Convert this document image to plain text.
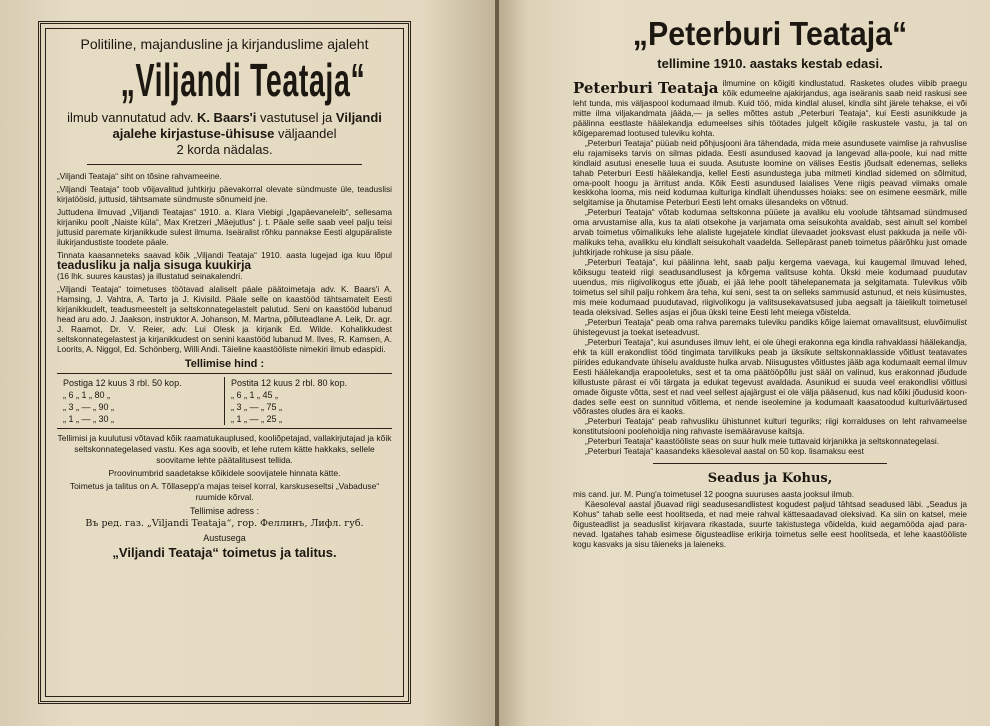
Politiline, majandusline ja kirjanduslime ajaleht
„Viljandi Teataja“
ilmub vannutatud adv. K. Baars'i vastutusel ja Viljandi ajalehe kirjastuse-ühisuse väljaandel
2 korda nädalas.

„Viljandi Teataja“ siht on tõsine rahvameeine.

„Viljandi Teataja“ toob võijavalitud juhtkirju päevakorral olevate sündmuste üle, teaduslisi kirjatöösid, juttusid, tähtsamate sündmuste sõnumeid jne.

Juttudena ilmuvad „Viljandi Teatajas“ 1910. a. Klara Viebigi „Igapäevaneleib“, sellesama kirjaniku poolt „Naiste küla“, Max Kretzeri „Mäejutlus“ j. t. Päale selle saab veel palju teisi juttusid paremate kirjanikkude sulest ilmuma. Iseäralist rõhku pannakse Eesti algupäraliste ilukirjandustiste toodete päale.

Tinnata kaasanneteks saavad kõik „Viljandi Teataja“ 1910. aasta lugejad iga kuu lõpul teadusliku ja nalja sisuga kuukirja
(16 lhk. suures kaustas) ja illustatud seinakalendri.

„Viljandi Teataja“ toimetuses töötavad alaliselt päale päätoimetaja adv. K. Baars'i A. Hamsing, J. Vahtra, A. Tarto ja J. Kivisild. Päale selle on kaastööd tähtsamatelt Eesti kirjanikkudelt, teadusmeestelt ja seltskonnategelastelt palutud. Seni on kaastööd lubanud head aru ado. J. Jaakson, instruktor A. Johanson, M. Martna, põlluteadlane A. Leik, Dr. agr. J. Raamot, Dr. V. Reier, adv. Lui Olesk ja kirjanik Ed. Wilde. Kohalikkudest seltskonnategelastest ja kirjanikkudest on senini kaastööd lubanud M. Ilves, R. Kamsen, A. Loorits, A. Niggol, Ed. Schönberg, Willi Andi. Täieline kaastööliste nimekiri ilmub edaspidi.

Tellimise hind :
Postiga 12 kuus 3 rbl. 50 kop.
„ 6 „ 1 „ 80 „
„ 3 „ — „ 90 „
„ 1 „ — „ 30 „
Postita 12 kuus 2 rbl. 80 kop.
„ 6 „ 1 „ 45 „
„ 3 „ — „ 75 „
„ 1 „ — „ 25 „

Tellimisi ja kuulutusi võtavad kõik raamatukauplused, kooliõpetajad, vallakirjutajad ja kõik seltskonnategelased vastu. Kes aga soovib, et lehe rutem kätte hakkaks, sellele soovitame lehte päätalitusest tellida.

Proovinumbrid saadetakse kõikidele soovijatele hinnata kätte.

Toimetus ja talitus on A. Tõllasepp'a majas teisel korral, karskuseseltsi „Vabaduse“ ruumide kõrval.

Tellimise adress :
Въ ред. газ. „Viljandi Teataja“, гор. Феллинъ, Лифл. губ.
Austusega
„Viljandi Teataja“ toimetus ja talitus.
„Peterburi Teataja“
tellimine 1910. aastaks kestab edasi.
Peterburi Teataja ilmumine on kõigiti kindlustatud. Rasketes oludes viibib praegu kõik edumeelne ajakirjandus, aga iseäranis saab neid raskusi see leht tunda, mis väljaspool kodumaad ilmub. Kuid töö, mida kindlal alusel, kindla siht järele tehakse, ei või mitte ilma viljakandmata jääda,— ja selles mõttes astub „Peterburi Teataja“, kui Eesti asunikkude ja päälinna eestlaste häälekandja edumeelses sihis töötades julgelt kõigile raskustele vastu, ja tal on kõigeparemad lootused tuleviku kohta.

„Peterburi Teataja“ püüab neid põhjusjooni ära tähendada, mida meie asundusete vaimlise ja rahvuslise elu rajamiseks tarvis on silmas pidada. Eesti asundused kaovad ja langevad alla-poole, kui nad mitte kindlaid asutusi eneselle luua ei suuda. Asutuste loomine on välises Eestis jõudsalt edenemas, selleks tahab Peterburi Eesti häälekandja, kellel Eesti asundustega juba mitmeti kindlad sidemed on sõlmitud, oma-poolt hoogu ja ärritust anda. Kõik Eesti asundused laialises Vene riigis peavad viimaks omale keskkoha looma, mis neid kodumaa kulturiga kindlalt ühendusses hoiaks: see on esimene eesmärk, mille selgitamise ja õhutamise Peterburi Eesti leht omaks ülesandeks on võtnud.

„Peterburi Teataja“ võtab kodumaa seltskonna püüete ja avaliku elu voolude tähtsamad sündmused oma arvustamise alla, kus ta alati otsekohe ja varjamata oma seisukohta avaldab, sest ainult sel kombel arvab toimetus võimalikuks lehe alaliste lugejatele kindlat ülevaadet jooksvast elust pakkuda ja neile võimalikuks teha, avalikku elu kindlalt seisukohalt vaadelda. Sellepärast paneb toimetus päärõhku just omade juhtkirjade rohkuse ja sisu päale.

„Peterburi Teataja“, kui päälinna leht, saab palju kergema vaevaga, kui kaugemal ilmuvad lehed, kõiksugu teateid riigi seadusandlusest ja kõrgema valitsuse kohta. Ükski meie kodumaad puudutav uuendus, mis riigivolikogus ette jõuab, ei jää lehe poolt tähelepanemata ja selgitamata. Tulevikus võib toimetus sel sihil palju rohkem ära teha, kui seni, sest ta on selleks sammusid astunud, et neis küsimustes, mis meie kodumaad puudutavad, riigivolikogu ja valitsusekavatsused juba aegsalt ja täielikult toimetusel teada oleksivad. Selles asjas ei jõua ükski teine Eesti leht meiega võistelda.

„Peterburi Teataja“ peab oma rahva paremaks tuleviku pandiks kõige laiemat omavalitsust, eluvõimulist ühistegevust ja toekat iseteadvust.

„Peterburi Teataja“, kui asunduses ilmuv leht, ei ole ühegi erakonna ega kindla rahvaklassi häälekandja, ehk ta küll erakondlist tööd tingimata tarvilikuks peab ja üksikute seltskonnaklasside võitlust teatavates piirides edukandvate ühiselu avalduste hulka arvab. Niisugustes võitlustes jääb aga kodumaalt eemal ilmuv Eesti häälekandja erapooletuks, sest et ta oma päätööpõllu just sääl on valinud, kus erakonnad jõudude killustuste pärast ei või tärgata ja edukat tegevust avaldada. Asunikud ei suuda veel erakondlisi võitlusi omade õiguste võtta, sest et nad veel sellest ajajärgust ei ole välja pääsenud, kus nad kõiki jõudusid koondades selle eest on sunnitud võitlema, et nende iseolemine ja kodumaalt kaasatoodud kulturiväärtused võõrastes oludes ära ei kaoks.

„Peterburi Teataja“ peab rahvusliku ühistunnet kulturi teguriks; riigi korralduses on leht rahvameelse konstitutsiooni poolehoidja ning rahvaste isemääravuse kaitsja.

„Peterburi Teataja“ kaastööliste seas on suur hulk meie tuttavaid kirjanikka ja seltskonnategelasi.

„Peterburi Teataja“ kaasandeks käesoleval aastal on 50 kop. lisamaksu eest

Seadus ja Kohus,

mis cand. jur. M. Pung'a toimetusel 12 poogna suuruses aasta jooksul ilmub.

Käesoleval aastal jõuavad riigi seadusesandlistest kogudest paljud tähtsad seadused läbi. „Seadus ja Kohus“ tahab selle eest hoolitseda, et nad meie rahval kättesaadavad oleksivad. Ka siin on katsel, meie õigusteadlist ja seaduslist kirjavara rikastada, suurte takistustega võidelda, kuid aegamööda ajad paranevad. Igatahes tahab esimese õigusteadlise erikirja toimetus selle eest hoolitseda, et lehe kaastööliste kogu kasvaks ja sisu täieneks ja laieneks.
